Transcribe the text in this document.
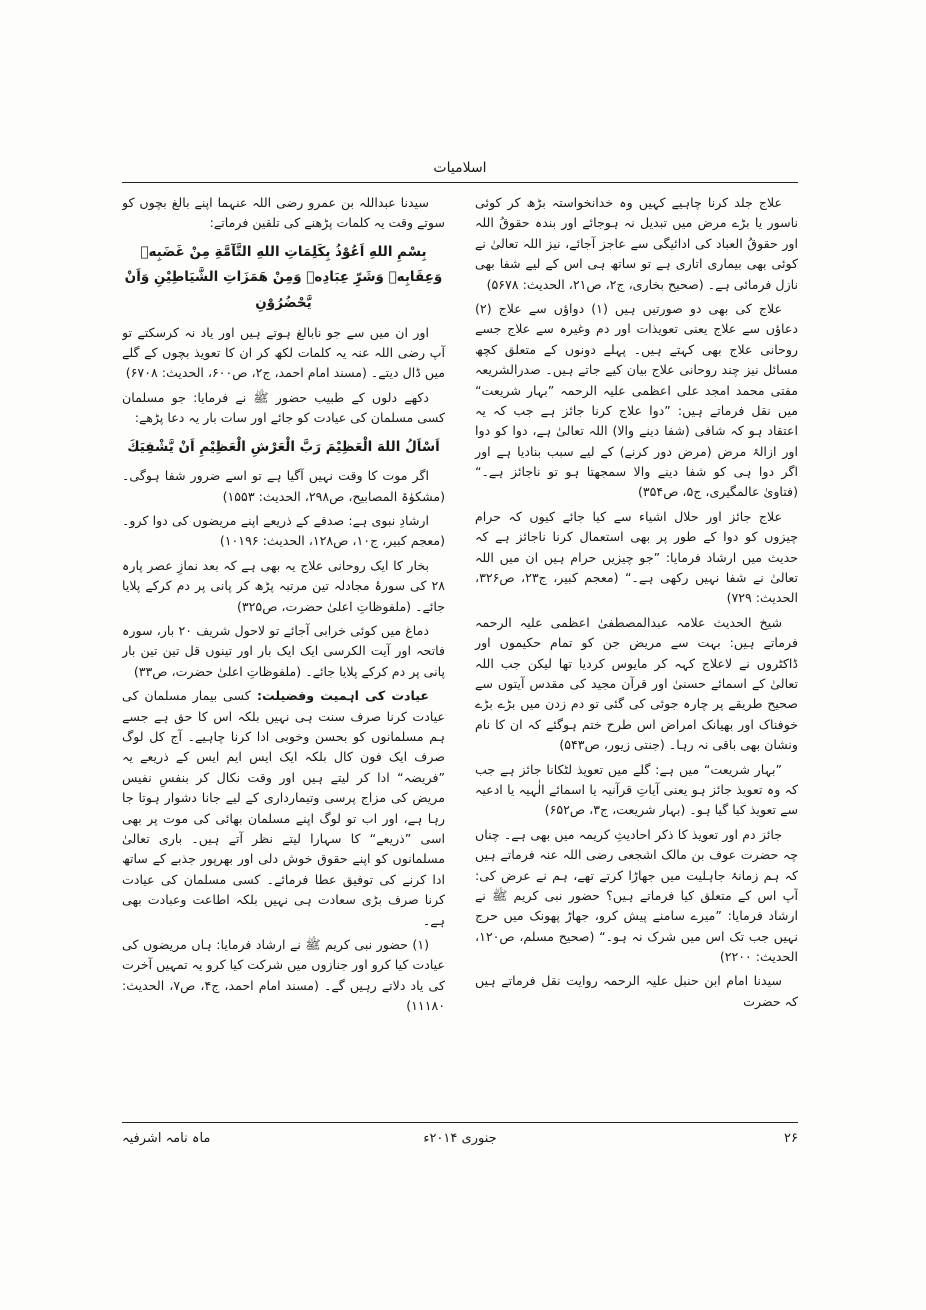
اسلامیات

علاج جلد کرنا چاہیے کہیں وہ خدانخواستہ بڑھ کر کوئی ناسور یا بڑے مرض میں تبدیل نہ ہوجائے اور بندہ حقوقُ اللہ اور حقوقُ العباد کی ادائیگی سے عاجز آجائے، نیز اللہ تعالیٰ نے کوئی بھی بیماری اتاری ہے تو ساتھ ہی اس کے لیے شفا بھی نازل فرمائی ہے۔ (صحیح بخاری، ج۲، ص۲۱، الحدیث: ۵۶۷۸)

علاج کی بھی دو صورتیں ہیں (۱) دواؤں سے علاج (۲) دعاؤں سے علاج یعنی تعویذات اور دم وغیرہ سے علاج جسے روحانی علاج بھی کہتے ہیں۔ پہلے دونوں کے متعلق کچھ مسائل نیز چند روحانی علاج بیان کیے جاتے ہیں۔ صدرالشریعہ مفتی محمد امجد علی اعظمی علیہ الرحمہ ”بہار شریعت“ میں نقل فرماتے ہیں: ”دوا علاج کرنا جائز ہے جب کہ یہ اعتقاد ہو کہ شافی (شفا دینے والا) اللہ تعالیٰ ہے، دوا کو دوا اور ازالۂ مرض (مرض دور کرنے) کے لیے سبب بنادیا ہے اور اگر دوا ہی کو شفا دینے والا سمجھتا ہو تو ناجائز ہے۔“ (فتاویٰ عالمگیری، ج۵، ص۳۵۴)

علاج جائز اور حلال اشیاء سے کیا جائے کیوں کہ حرام چیزوں کو دوا کے طور پر بھی استعمال کرنا ناجائز ہے کہ حدیث میں ارشاد فرمایا: ”جو چیزیں حرام ہیں ان میں اللہ تعالیٰ نے شفا نہیں رکھی ہے۔“ (معجم کبیر، ج۲۳، ص۳۲۶، الحدیث: ۷۲۹)

شیخ الحدیث علامہ عبدالمصطفیٰ اعظمی علیہ الرحمہ فرماتے ہیں: بہت سے مریض جن کو تمام حکیموں اور ڈاکٹروں نے لاعلاج کہہ کر مایوس کردیا تھا لیکن جب اللہ تعالیٰ کے اسمائے حسنیٰ اور قرآن مجید کی مقدس آیتوں سے صحیح طریقے پر چارہ جوئی کی گئی تو دم زدن میں بڑے بڑے خوفناک اور بھیانک امراض اس طرح ختم ہوگئے کہ ان کا نام ونشان بھی باقی نہ رہا۔ (جنتی زیور، ص۵۴۳)

”بہار شریعت“ میں ہے: گلے میں تعویذ لٹکانا جائز ہے جب کہ وہ تعویذ جائز ہو یعنی آیاتِ قرآنیہ یا اسمائے الٰہیہ یا ادعیہ سے تعویذ کیا گیا ہو۔ (بہار شریعت، ج۳، ص۶۵۲)

جائز دم اور تعویذ کا ذکر احادیثِ کریمہ میں بھی ہے۔ چناں چہ حضرت عوف بن مالک اشجعی رضی اللہ عنہ فرماتے ہیں کہ ہم زمانۂ جاہلیت میں جھاڑا کرتے تھے، ہم نے عرض کی: آپ اس کے متعلق کیا فرماتے ہیں؟ حضور نبی کریم ﷺ نے ارشاد فرمایا: ”میرے سامنے پیش کرو، جھاڑ پھونک میں حرج نہیں جب تک اس میں شرک نہ ہو۔“ (صحیح مسلم، ص۱۲۰، الحدیث: ۲۲۰۰)

سیدنا امام ابن حنبل علیہ الرحمہ روایت نقل فرماتے ہیں کہ حضرت

سیدنا عبداللہ بن عمرو رضی اللہ عنہما اپنے بالغ بچوں کو سوتے وقت یہ کلمات پڑھنے کی تلقین فرماتے:

بِسْمِ اللهِ اَعُوْذُ بِكَلِمَاتِ اللهِ التَّآمَّةِ مِنْ غَضَبِهٖ وَعِقَابِهٖ وَشَرِّ عِبَادِهٖ وَمِنْ هَمَزَاتِ الشَّيَاطِيْنِ وَاَنْ يَّحْضُرُوْنِ

اور ان میں سے جو نابالغ ہوتے ہیں اور یاد نہ کرسکتے تو آپ رضی اللہ عنہ یہ کلمات لکھ کر ان کا تعویذ بچوں کے گلے میں ڈال دیتے۔ (مسند امام احمد، ج۲، ص۶۰۰، الحدیث: ۶۷۰۸)

دکھے دلوں کے طبیب حضور ﷺ نے فرمایا: جو مسلمان کسی مسلمان کی عیادت کو جائے اور سات بار یہ دعا پڑھے:

اَسْاَلُ اللهَ الْعَظِيْمَ رَبَّ الْعَرْشِ الْعَظِيْمِ اَنْ يَّشْفِيَكَ

اگر موت کا وقت نہیں آگیا ہے تو اسے ضرور شفا ہوگی۔ (مشکوٰۃ المصابیح، ص۲۹۸، الحدیث: ۱۵۵۳)

ارشادِ نبوی ہے: صدقے کے ذریعے اپنے مریضوں کی دوا کرو۔ (معجم کبیر، ج۱۰، ص۱۲۸، الحدیث: ۱۰۱۹۶)

بخار کا ایک روحانی علاج یہ بھی ہے کہ بعد نمازِ عصر پارہ ۲۸ کی سورۂ مجادلہ تین مرتبہ پڑھ کر پانی پر دم کرکے پلایا جائے۔ (ملفوظاتِ اعلیٰ حضرت، ص۳۲۵)

دماغ میں کوئی خرابی آجائے تو لاحول شریف ۲۰ بار، سورہ فاتحہ اور آیت الکرسی ایک ایک بار اور تینوں قل تین تین بار پانی پر دم کرکے پلایا جائے۔ (ملفوظاتِ اعلیٰ حضرت، ص۳۳)

عیادت کی اہمیت وفضیلت: کسی بیمار مسلمان کی عیادت کرنا صرف سنت ہی نہیں بلکہ اس کا حق ہے جسے ہم مسلمانوں کو بحسن وخوبی ادا کرنا چاہیے۔ آج کل لوگ صرف ایک فون کال بلکہ ایک ایس ایم ایس کے ذریعے یہ ”فریضہ“ ادا کر لیتے ہیں اور وقت نکال کر بنفسِ نفیس مریض کی مزاج پرسی وتیمارداری کے لیے جانا دشوار ہوتا جا رہا ہے، اور اب تو لوگ اپنے مسلمان بھائی کی موت پر بھی اسی ”ذریعے“ کا سہارا لیتے نظر آتے ہیں۔ باری تعالیٰ مسلمانوں کو اپنے حقوق خوش دلی اور بھرپور جذبے کے ساتھ ادا کرنے کی توفیق عطا فرمائے۔ کسی مسلمان کی عیادت کرنا صرف بڑی سعادت ہی نہیں بلکہ اطاعت وعبادت بھی ہے۔

(۱) حضور نبی کریم ﷺ نے ارشاد فرمایا: ہاں مریضوں کی عیادت کیا کرو اور جنازوں میں شرکت کیا کرو یہ تمہیں آخرت کی یاد دلاتے رہیں گے۔ (مسند امام احمد، ج۴، ص۷، الحدیث: ۱۱۱۸۰)

۲۶
جنوری ۲۰۱۴ء
ماہ نامہ اشرفیہ
